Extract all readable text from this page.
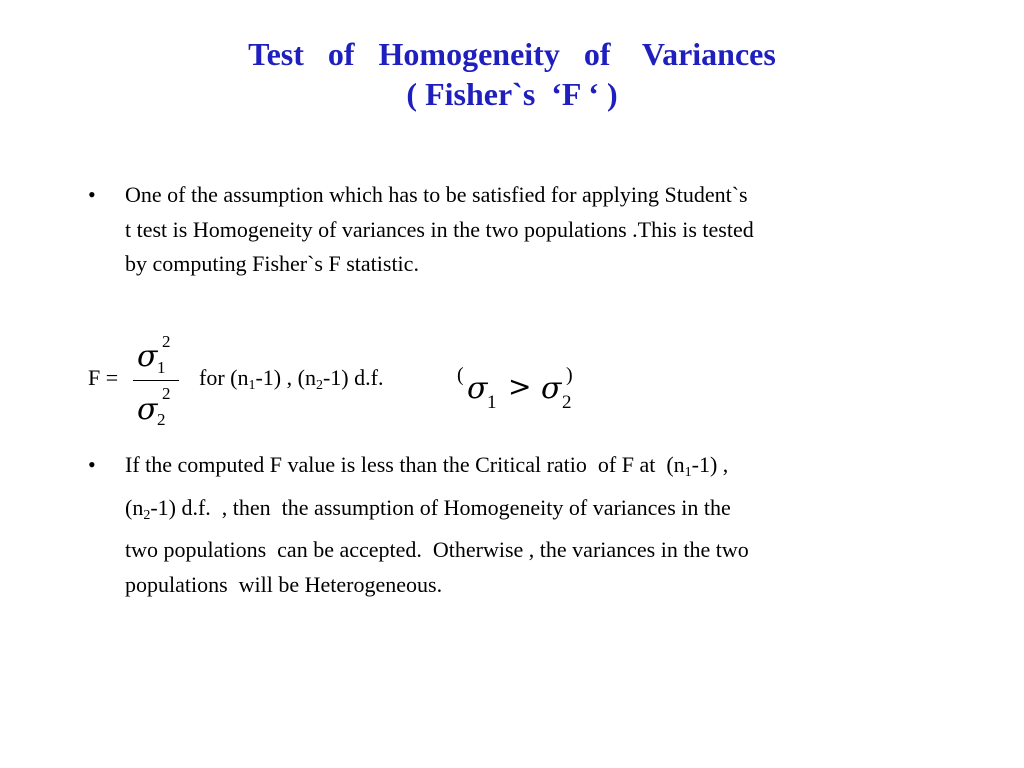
Test   of   Homogeneity   of    Variances
( Fisher`s  ‘F ‘ )
• One of the assumption which has to be satisfied for applying Student`s
t test is Homogeneity of variances in the two populations .This is tested
by computing Fisher`s F statistic.
F =
σ 2
1
σ 2
2
for $(n_1-1)$ , $(n_2-1)$ d.f.	( σ 1 > σ 2
)
• If the computed F value is less than the Critical ratio  of F at  $(n_1-1)$ ,
$(n_2-1)$ d.f.  , then  the assumption of Homogeneity of variances in the
two populations  can be accepted.  Otherwise , the variances in the two
populations  will be Heterogeneous.
